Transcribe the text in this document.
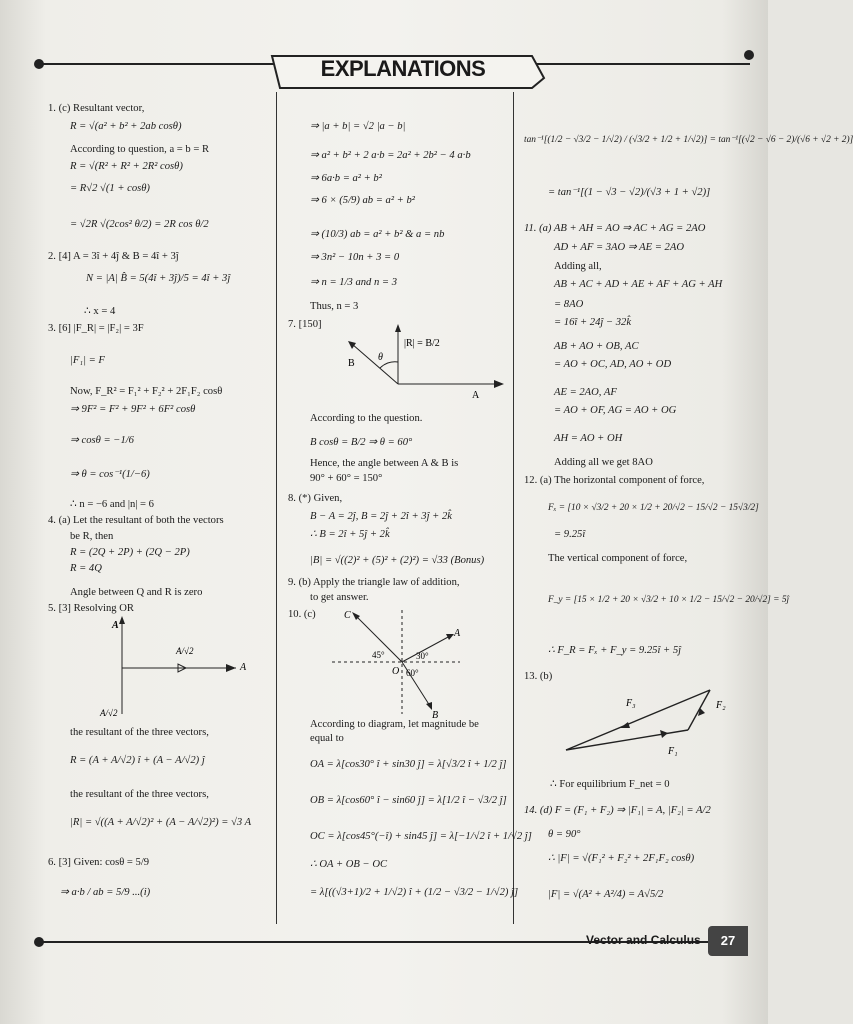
EXPLANATIONS
1. (c) Resultant vector,
R = √(a² + b² + 2ab cosθ)
According to question, a = b = R
R = √(R² + R² + 2R² cosθ)
= R√2 √(1 + cosθ)
= √2R √(2cos² θ/2) = 2R cos θ/2
2. [4] A = 3î + 4ĵ & B = 4î + 3ĵ
N = |A| B̂ = 5(4î + 3ĵ)/5 = 4î + 3ĵ
∴ x = 4
3. [6] |F_R| = |F₂| = 3F
|F₁| = F
Now, F_R² = F₁² + F₂² + 2F₁F₂ cosθ
⇒ 9F² = F² + 9F² + 6F² cosθ
⇒ cosθ = −1/6
⇒ θ = cos⁻¹(1/−6)
∴ n = −6 and |n| = 6
4. (a) Let the resultant of both the vectors
be R, then
R = (2Q + 2P) + (2Q − 2P)
R = 4Q
Angle between Q and R is zero
5. [3] Resolving OR
A
A/√2
A
A/√2
the resultant of the three vectors,
R = (A + A/√2) î + (A − A/√2) ĵ
the resultant of the three vectors,
|R| = √((A + A/√2)² + (A − A/√2)²) = √3 A
6. [3] Given: cosθ = 5/9
⇒ a·b / ab = 5/9 ...(i)
⇒ |a + b| = √2 |a − b|
⇒ a² + b² + 2 a·b = 2a² + 2b² − 4 a·b
⇒ 6a·b = a² + b²
⇒ 6 × (5/9) ab = a² + b²
⇒ (10/3) ab = a² + b² & a = nb
⇒ 3n² − 10n + 3 = 0
⇒ n = 1/3 and n = 3
Thus, n = 3
7. [150]
|R| = B/2
θ
B
A
According to the question.
B cosθ = B/2 ⇒ θ = 60°
Hence, the angle between A & B is
90° + 60° = 150°
8. (*) Given,
B − A = 2ĵ, B = 2ĵ + 2î + 3ĵ + 2k̂
∴ B = 2î + 5ĵ + 2k̂
|B| = √((2)² + (5)² + (2)²) = √33 (Bonus)
9. (b) Apply the triangle law of addition,
to get answer.
10. (c)	C
A
O
B
45°	30°
60°
According to diagram, let magnitude be
equal to
OA = λ[cos30° î + sin30 ĵ] = λ[√3/2 î + 1/2 ĵ]
OB = λ[cos60° î − sin60 ĵ] = λ[1/2 î − √3/2 ĵ]
OC = λ[cos45°(−î) + sin45 ĵ] = λ[−1/√2 î + 1/√2 ĵ]
∴ OA + OB − OC
= λ[((√3+1)/2 + 1/√2) î + (1/2 − √3/2 − 1/√2) ĵ]
tan⁻¹[(1/2 − √3/2 − 1/√2) / (√3/2 + 1/2 + 1/√2)] = tan⁻¹[(√2 − √6 − 2)/(√6 + √2 + 2)]
= tan⁻¹[(1 − √3 − √2)/(√3 + 1 + √2)]
11. (a) AB + AH = AO ⇒ AC + AG = 2AO
AD + AF = 3AO ⇒ AE = 2AO
Adding all,
AB + AC + AD + AE + AF + AG + AH
= 8AO
= 16î + 24ĵ − 32k̂
AB + AO + OB, AC
= AO + OC, AD, AO + OD
AE = 2AO, AF
= AO + OF, AG = AO + OG
AH = AO + OH
Adding all we get 8AO
12. (a) The horizontal component of force,
Fₓ = [10 × √3/2 + 20 × 1/2 + 20/√2 − 15/√2 − 15√3/2]
= 9.25î
The vertical component of force,
F_y = [15 × 1/2 + 20 × √3/2 + 10 × 1/2 − 15/√2 − 20/√2] = 5ĵ
∴ F_R = Fₓ + F_y = 9.25î + 5ĵ
13. (b)
F₁
F₂
F₃
∴ For equilibrium F_net = 0
14. (d) F = (F₁ + F₂) ⇒ |F₁| = A, |F₂| = A/2
θ = 90°
∴ |F| = √(F₁² + F₂² + 2F₁F₂ cosθ)
|F| = √(A² + A²/4) = A√5/2
Vector and Calculus	27
